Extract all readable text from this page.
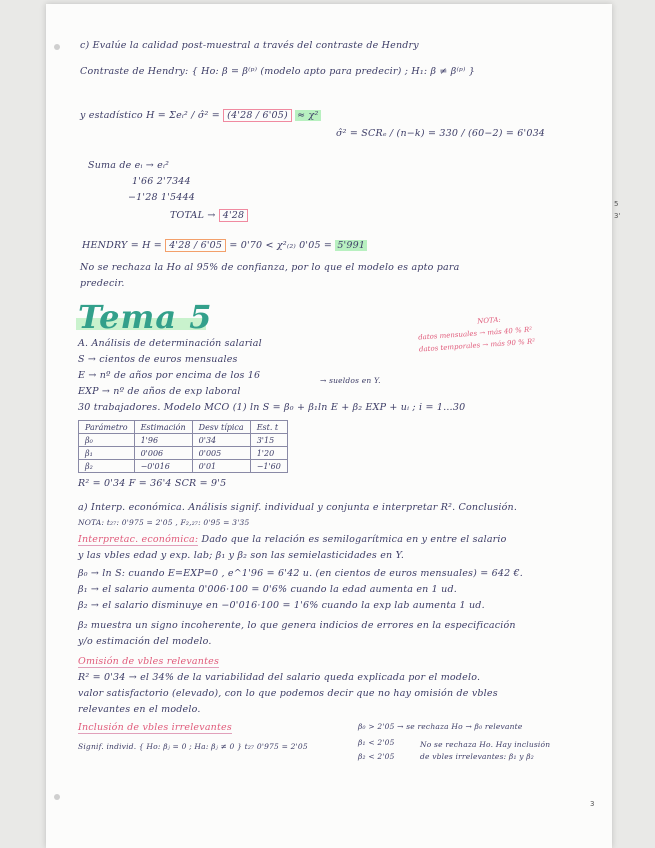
c) Evalúe la calidad post-muestral a través del contraste de Hendry
Contraste de Hendry: { Ho: β = β⁽ᵖ⁾ (modelo apto para predecir) ; H₁: β ≠ β⁽ᵖ⁾ }
y estadístico H = Σeᵢ² / σ̂² = (4'28 / 6'05) ≈ χ²
σ̂² = SCRₑ / (n−k) = 330 / (60−2) = 6'034
Suma de eᵢ → eᵢ²
1'66 2'7344
−1'28 1'5444
TOTAL → 4'28
HENDRY = H = 4'28 / 6'05 = 0'70 < χ²₍₂₎ 0'05 = 5'991
No se rechaza la Ho al 95% de confianza, por lo que el modelo es apto para
predecir.
Tema 5	NOTA:
datos mensuales → más 40 % R²
datos temporales → más 90 % R²
A. Análisis de determinación salarial
S → cientos de euros mensuales
E → nº de años por encima de los 16
EXP → nº de años de exp laboral
→ sueldos en Y.
30 trabajadores. Modelo MCO (1) ln S = β₀ + β₁ln E + β₂ EXP + uᵢ ; i = 1…30
Parámetro	Estimación	Desv típica	Est. t
β₀	1'96	0'34	3'15
β₁	0'006	0'005	1'20
β₂	−0'016	0'01	−1'60
R² = 0'34 F = 36'4 SCR = 9'5
a) Interp. económica. Análisis signif. individual y conjunta e interpretar R². Conclusión.
NOTA: t₂₇: 0'975 = 2'05 , F₂,₂₇: 0'95 = 3'35
Interpretac. económica: Dado que la relación es semilogarítmica en y entre el salario
y las vbles edad y exp. lab; β₁ y β₂ son las semielasticidades en Y.
β₀ → ln S: cuando E=EXP=0 , e^1'96 = 6'42 u. (en cientos de euros mensuales) = 642 €.
β₁ → el salario aumenta 0'006·100 = 0'6% cuando la edad aumenta en 1 ud.
β₂ → el salario disminuye en −0'016·100 = 1'6% cuando la exp lab aumenta 1 ud.
β₂ muestra un signo incoherente, lo que genera indicios de errores en la especificación
y/o estimación del modelo.
Omisión de vbles relevantes
R² = 0'34 → el 34% de la variabilidad del salario queda explicada por el modelo.
valor satisfactorio (elevado), con lo que podemos decir que no hay omisión de vbles
relevantes en el modelo.
Inclusión de vbles irrelevantes
Signif. individ. { Ho: βⱼ = 0 ; Ha: βⱼ ≠ 0 } t₂₇ 0'975 = 2'05
β₀ > 2'05 → se rechaza Ho → β₀ relevante
β₁ < 2'05
β₂ < 2'05
No se rechaza Ho. Hay inclusión
de vbles irrelevantes: β₁ y β₂
5
3'
3
